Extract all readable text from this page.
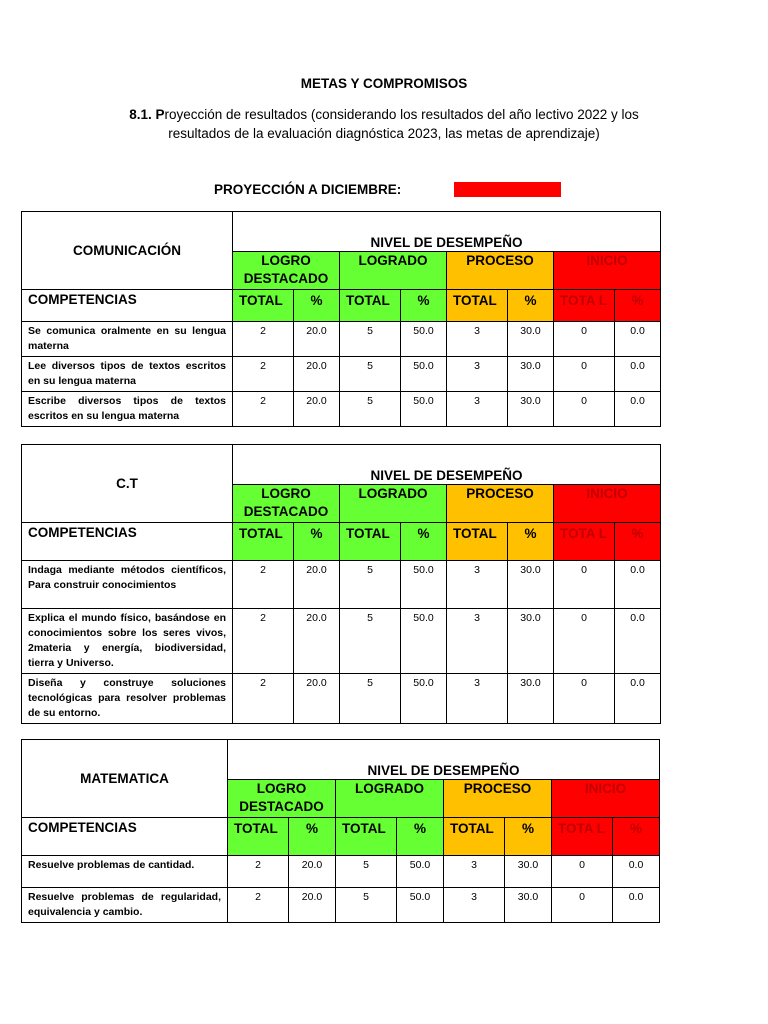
METAS Y COMPROMISOS
8.1. Proyección de resultados (considerando los resultados del año lectivo 2022 y los resultados de la evaluación diagnóstica 2023, las metas de aprendizaje)
PROYECCIÓN A DICIEMBRE:	PRIMER GRADO
COMUNICACIÓN	NIVEL DE DESEMPEÑO							
	LOGRO DESTACADO		LOGRADO		PROCESO		INICIO	
COMPETENCIAS	TOTAL	%	TOTAL	%	TOTAL	%	TOTA L	%
Se comunica oralmente en su lengua materna	2	20.0	5	50.0	3	30.0	0	0.0
Lee diversos tipos de textos escritos en su lengua materna	2	20.0	5	50.0	3	30.0	0	0.0
Escribe diversos tipos de textos escritos en su lengua materna	2	20.0	5	50.0	3	30.0	0	0.0
C.T	NIVEL DE DESEMPEÑO							
	LOGRO DESTACADO		LOGRADO		PROCESO		INICIO	
COMPETENCIAS	TOTAL	%	TOTAL	%	TOTAL	%	TOTA L	%
Indaga mediante métodos científicos, Para construir conocimientos	2	20.0	5	50.0	3	30.0	0	0.0
Explica el mundo físico, basándose en conocimientos sobre los seres vivos, 2materia y energía, biodiversidad, tierra y Universo.	2	20.0	5	50.0	3	30.0	0	0.0
Diseña y construye soluciones tecnológicas para resolver problemas de su entorno.	2	20.0	5	50.0	3	30.0	0	0.0
MATEMATICA	NIVEL DE DESEMPEÑO							
	LOGRO DESTACADO		LOGRADO		PROCESO		INICIO	
COMPETENCIAS	TOTAL	%	TOTAL	%	TOTAL	%	TOTA L	%
Resuelve problemas de cantidad.	2	20.0	5	50.0	3	30.0	0	0.0
Resuelve problemas de regularidad, equivalencia y cambio.	2	20.0	5	50.0	3	30.0	0	0.0
